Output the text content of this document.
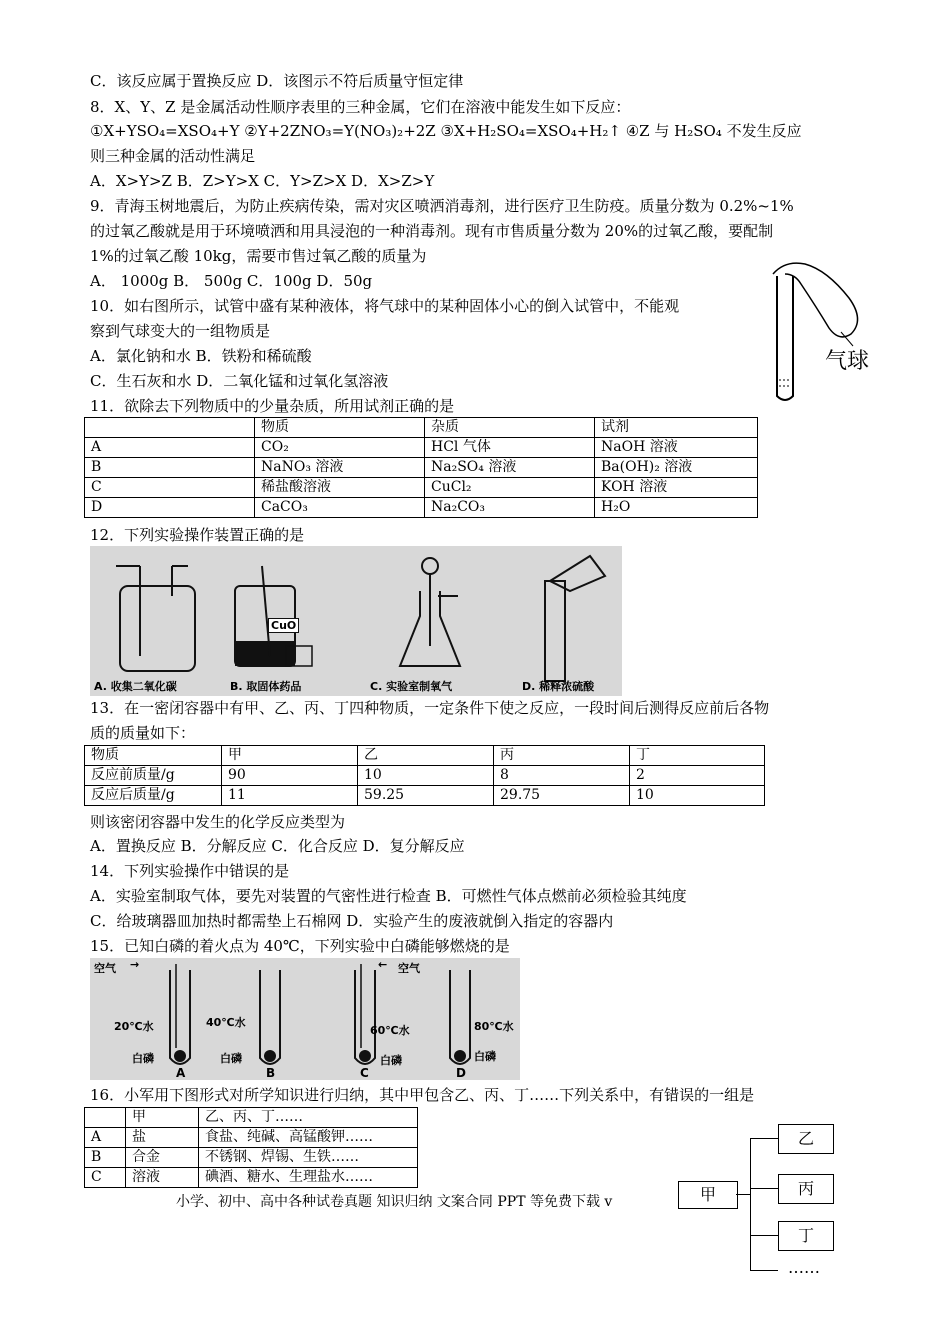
C．该反应属于置换反应 D．该图示不符后质量守恒定律
8．X、Y、Z 是金属活动性顺序表里的三种金属，它们在溶液中能发生如下反应：
①X+YSO₄=XSO₄+Y ②Y+2ZNO₃=Y(NO₃)₂+2Z ③X+H₂SO₄=XSO₄+H₂↑ ④Z 与 H₂SO₄ 不发生反应
则三种金属的活动性满足
A．X>Y>Z B．Z>Y>X C．Y>Z>X D．X>Z>Y
9．青海玉树地震后，为防止疾病传染，需对灾区喷洒消毒剂，进行医疗卫生防疫。质量分数为 0.2%~1%
的过氧乙酸就是用于环境喷洒和用具浸泡的一种消毒剂。现有市售质量分数为 20%的过氧乙酸，要配制
1%的过氧乙酸 10kg，需要市售过氧乙酸的质量为
A． 1000g B． 500g C．100g D．50g
10．如右图所示，试管中盛有某种液体，将气球中的某种固体小心的倒入试管中，不能观
察到气球变大的一组物质是
A．氯化钠和水 B．铁粉和稀硫酸
C．生石灰和水 D．二氧化锰和过氧化氢溶液
气球
11．欲除去下列物质中的少量杂质，所用试剂正确的是
	物质	杂质	试剂
A	CO₂	HCl 气体	NaOH 溶液
B	NaNO₃ 溶液	Na₂SO₄ 溶液	Ba(OH)₂ 溶液
C	稀盐酸溶液	CuCl₂	KOH 溶液
D	CaCO₃	Na₂CO₃	H₂O
12．下列实验操作装置正确的是
CuO
A. 收集二氧化碳	B. 取固体药品	C. 实验室制氧气	D. 稀释浓硫酸
13．在一密闭容器中有甲、乙、丙、丁四种物质，一定条件下使之反应，一段时间后测得反应前后各物
质的质量如下：
物质	甲	乙	丙	丁
反应前质量/g	90	10	8	2
反应后质量/g	11	59.25	29.75	10
则该密闭容器中发生的化学反应类型为
A．置换反应 B．分解反应 C．化合反应 D．复分解反应
14．下列实验操作中错误的是
A．实验室制取气体，要先对装置的气密性进行检查 B．可燃性气体点燃前必须检验其纯度
C．给玻璃器皿加热时都需垫上石棉网 D．实验产生的废液就倒入指定的容器内
15．已知白磷的着火点为 40℃，下列实验中白磷能够燃烧的是
空气 →	← 空气
20℃水	40℃水
60℃水	80℃水
白磷	白磷	白磷	白磷
A	B	C	D
16．小军用下图形式对所学知识进行归纳，其中甲包含乙、丙、丁……下列关系中，有错误的一组是
	甲	乙、丙、丁……
A	盐	食盐、纯碱、高锰酸钾……
B	合金	不锈钢、焊锡、生铁……
C	溶液	碘酒、糖水、生理盐水……
甲
乙
丙
丁
……
小学、初中、高中各种试卷真题 知识归纳 文案合同 PPT 等免费下载 v
